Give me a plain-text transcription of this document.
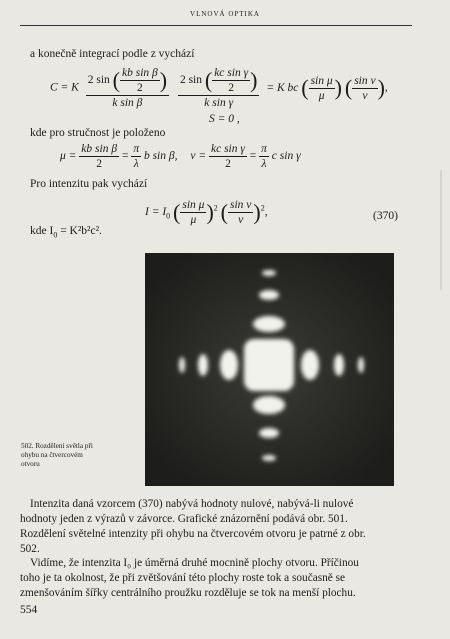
VLNOVÁ OPTIKA
a konečně integrací podle z vychází
C = K $\frac{2 \sin ( \frac{\text{kb sin β}}{2} )}{\text{k sin β}}$
$\frac{2 \sin ( \frac{\text{kc sin γ}}{2} )}{\text{k sin γ}} = K$ bc ( $\frac{\text{sin μ}}{\mu}$ ) ( $\frac{\text{sin ν}}{\nu}$ ),
S = 0 ,
kde pro stručnost je položeno
$\mu = \frac{\text{kb sin β}}{2} = \frac{\pi}{\lambda}$ b sin β, $\nu = \frac{\text{kc sin γ}}{2} = \frac{\pi}{\lambda}$ c sin γ
Pro intenzitu pak vychází
$I = I_0$ ( $\frac{\text{sin μ}}{\mu} )^2$ ( $\frac{\text{sin ν}}{\nu} )^2$,	(370)
kde $I_0 = K^2b^2c^2$.
502. Rozdělení světla při
ohybu na čtvercovém
otvoru
Intenzita daná vzorcem (370) nabývá hodnoty nulové, nabývá-li nulové
hodnoty jeden z výrazů v závorce. Grafické znázornění podává obr. 501.
Rozdělení světelné intenzity při ohybu na čtvercovém otvoru je patrné z obr.
502.
Vidíme, že intenzita I₀ je úměrná druhé mocnině plochy otvoru. Příčinou
toho je ta okolnost, že při zvětšování této plochy roste tok a současně se
zmenšováním šířky centrálního proužku rozděluje se tok na menší plochu.
554
